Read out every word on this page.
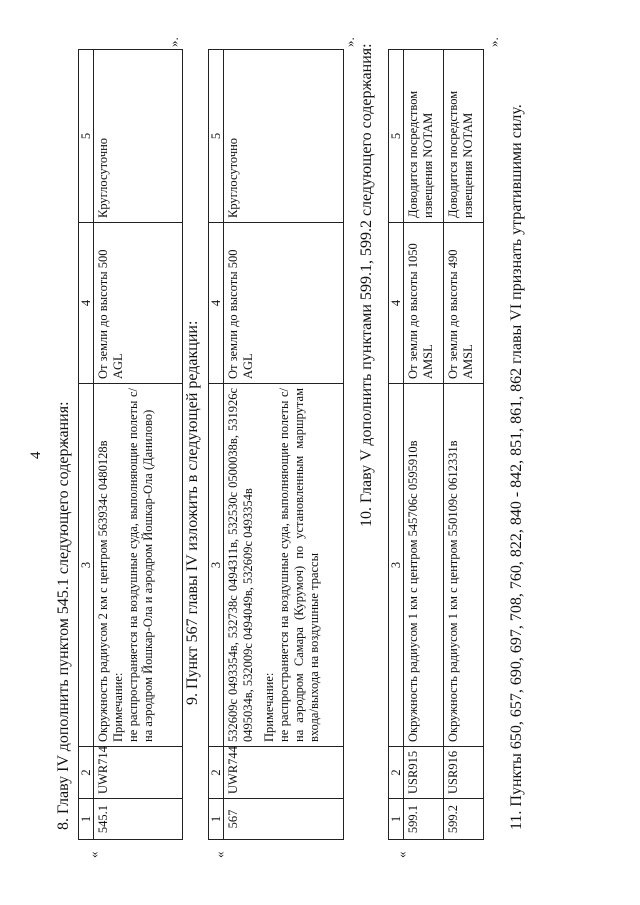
4 8. Главу IV дополнить пунктом 545.1 следующего содержания:
«
1	2	3	4	5
545.1	UWR714	Окружность радиусом 2 км с центром 563934с 0480128в Примечание: не распространяется на воздушные суда, выполняющие полеты с/на аэродром Йошкар-Ола и аэродром Йошкар-Ола (Данилово)	От земли до высоты 500 AGL	Круглосуточно
».
9. Пункт 567 главы IV изложить в следующей редакции:
«
1	2	3	4	5
567	UWR744	532609с 0493354в, 532738с 0494311в, 532530с 0500038в, 531926с 0495034в, 532009с 0494049в, 532609с 0493354в Примечание: не распространяется на воздушные суда, выполняющие полеты с/на аэродром Самара (Курумоч) по установленным маршрутам входа/выхода на воздушные трассы	От земли до высоты 500 AGL	Круглосуточно
».
10. Главу V дополнить пунктами 599.1, 599.2 следующего содержания:
«
1	2	3	4	5
599.1	USR915	Окружность радиусом 1 км с центром 545706с 0595910в	От земли до высоты 1050 AMSL	Доводится посредством извещения NOTAM
599.2	USR916	Окружность радиусом 1 км с центром 550109с 0612331в	От земли до высоты 490 AMSL	Доводится посредством извещения NOTAM
».
11. Пункты 650, 657, 690, 697, 708, 760, 822, 840 - 842, 851, 861, 862 главы VI признать утратившими силу.
